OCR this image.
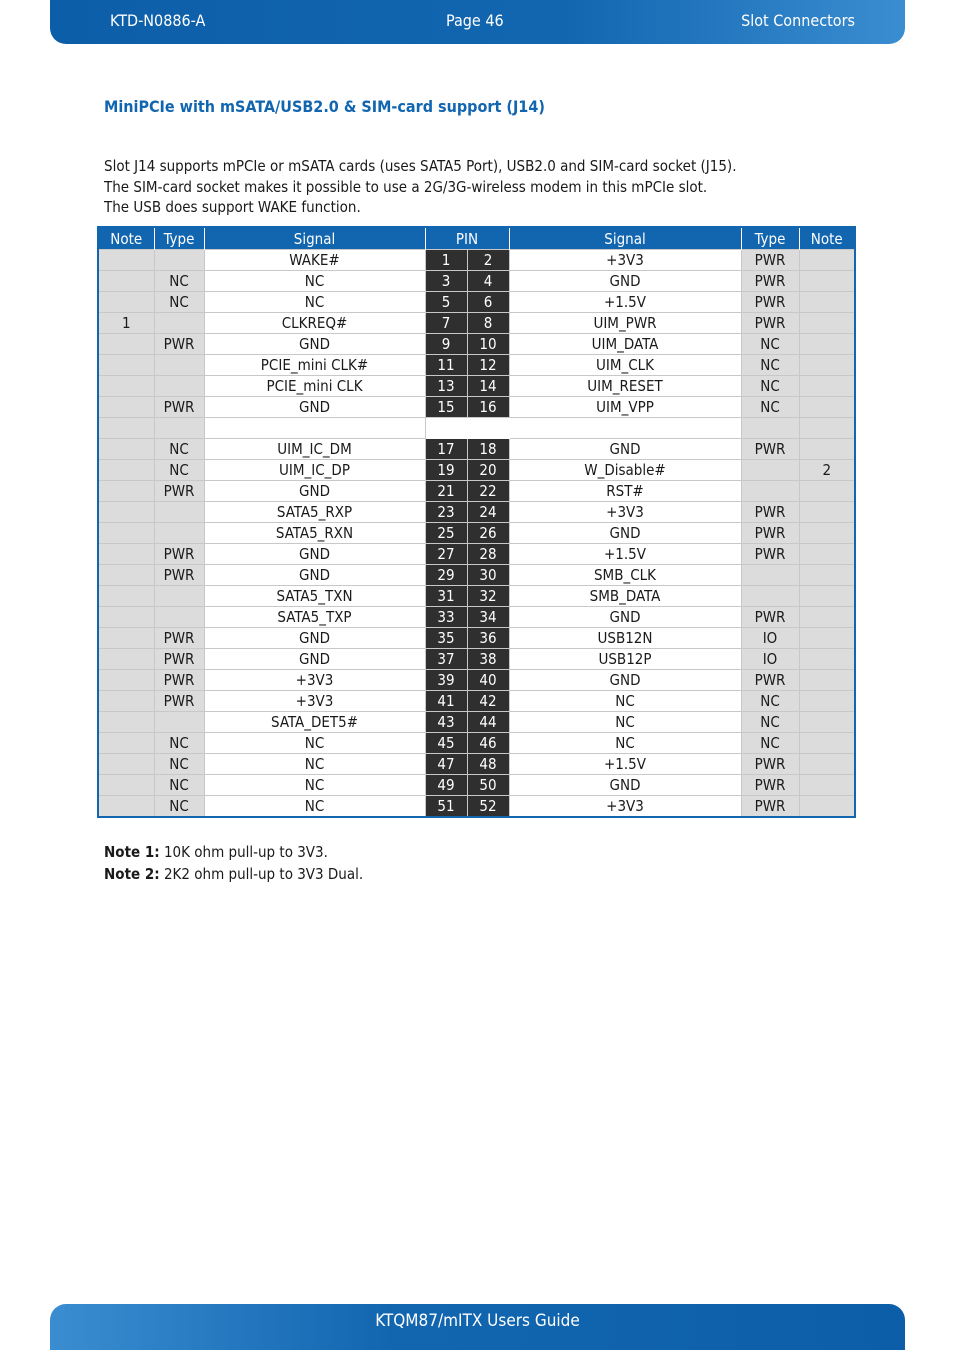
KTD-N0886-A	Page 46	Slot Connectors
MiniPCIe with mSATA/USB2.0 & SIM-card support (J14)
Slot J14 supports mPCIe or mSATA cards (uses SATA5 Port), USB2.0 and SIM-card socket (J15).
The SIM-card socket makes it possible to use a 2G/3G-wireless modem in this mPCIe slot.
The USB does support WAKE function.
Note	Type	Signal	PIN		Signal	Type	Note
		WAKE#	1	2	+3V3	PWR	
	NC	NC	3	4	GND	PWR	
	NC	NC	5	6	+1.5V	PWR	
1		CLKREQ#	7	8	UIM_PWR	PWR	
	PWR	GND	9	10	UIM_DATA	NC	
		PCIE_mini CLK#	11	12	UIM_CLK	NC	
		PCIE_mini CLK	13	14	UIM_RESET	NC	
	PWR	GND	15	16	UIM_VPP	NC	

	NC	UIM_IC_DM	17	18	GND	PWR	
	NC	UIM_IC_DP	19	20	W_Disable#		2
	PWR	GND	21	22	RST#		
		SATA5_RXP	23	24	+3V3	PWR	
		SATA5_RXN	25	26	GND	PWR	
	PWR	GND	27	28	+1.5V	PWR	
	PWR	GND	29	30	SMB_CLK		
		SATA5_TXN	31	32	SMB_DATA		
		SATA5_TXP	33	34	GND	PWR	
	PWR	GND	35	36	USB12N	IO	
	PWR	GND	37	38	USB12P	IO	
	PWR	+3V3	39	40	GND	PWR	
	PWR	+3V3	41	42	NC	NC	
		SATA_DET5#	43	44	NC	NC	
	NC	NC	45	46	NC	NC	
	NC	NC	47	48	+1.5V	PWR	
	NC	NC	49	50	GND	PWR	
	NC	NC	51	52	+3V3	PWR	
Note 1: 10K ohm pull-up to 3V3.
Note 2: 2K2 ohm pull-up to 3V3 Dual.
KTQM87/mITX Users Guide
